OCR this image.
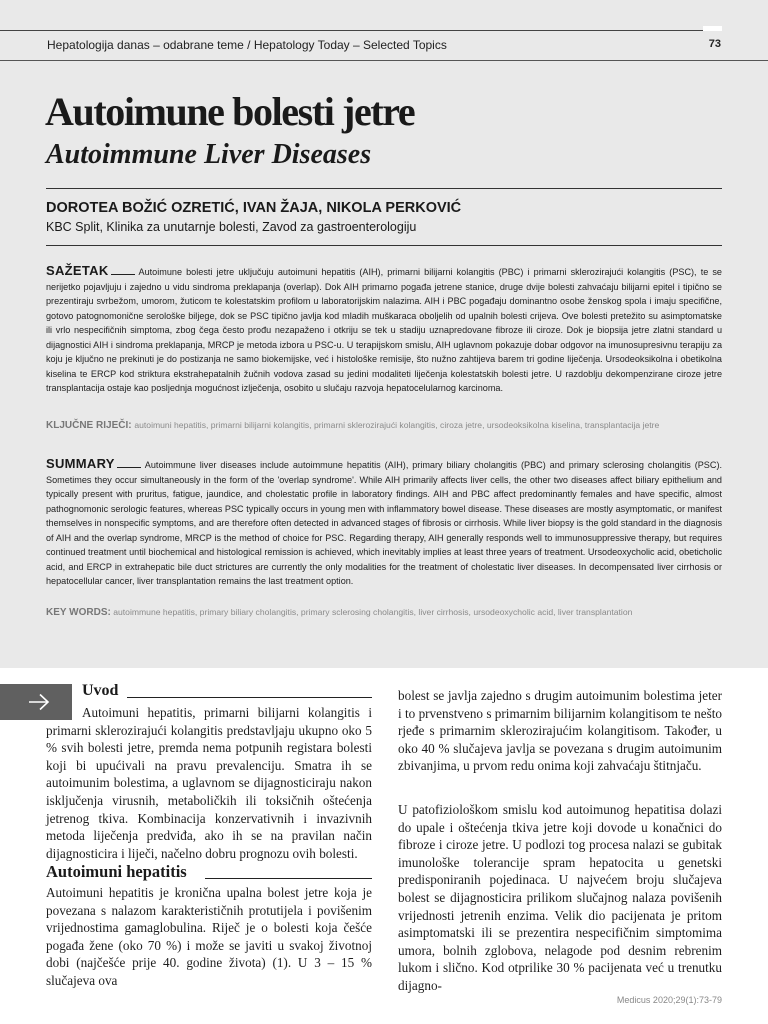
Hepatologija danas – odabrane teme / Hepatology Today – Selected Topics	73
Autoimune bolesti jetre
Autoimmune Liver Diseases
DOROTEA BOŽIĆ OZRETIĆ, IVAN ŽAJA, NIKOLA PERKOVIĆ
KBC Split, Klinika za unutarnje bolesti, Zavod za gastroenterologiju

SAŽETAK	Autoimune bolesti jetre uključuju autoimuni hepatitis (AIH), primarni bilijarni kolangitis (PBC) i primarni sklerozirajući kolangitis (PSC), te se nerijetko pojavljuju i zajedno u vidu sindroma preklapanja (overlap). Dok AIH primarno pogađa jetrene stanice, druge dvije bolesti zahvaćaju bilijarni epitel i tipično se prezentiraju svrbežom, umorom, žuticom te kolestatskim profilom u laboratorijskim nalazima. AIH i PBC pogađaju dominantno osobe ženskog spola i imaju specifične, gotovo patognomonične serološke biljege, dok se PSC tipično javlja kod mladih muškaraca oboljelih od upalnih bolesti crijeva. Ove bolesti pretežito su asimptomatske ili vrlo nespecifičnih simptoma, zbog čega često prođu nezapaženo i otkriju se tek u stadiju uznapredovane fibroze ili ciroze. Dok je biopsija jetre zlatni standard u dijagnostici AIH i sindroma preklapanja, MRCP je metoda izbora u PSC-u. U terapijskom smislu, AIH uglavnom pokazuje dobar odgovor na imunosupresivnu terapiju za koju je ključno ne prekinuti je do postizanja ne samo biokemijske, već i histološke remisije, što nužno zahtijeva barem tri godine liječenja. Ursodeoksikolna i obetikolna kiselina te ERCP kod striktura ekstrahepatalnih žučnih vodova zasad su jedini modaliteti liječenja kolestatskih bolesti jetre. U razdoblju dekompenzirane ciroze jetre transplantacija ostaje kao posljednja mogućnost izlječenja, osobito u slučaju razvoja hepatocelularnog karcinoma.

KLJUČNE RIJEČI: autoimuni hepatitis, primarni bilijarni kolangitis, primarni sklerozirajući kolangitis, ciroza jetre, ursodeoksikolna kiselina, transplantacija jetre

SUMMARY	Autoimmune liver diseases include autoimmune hepatitis (AIH), primary biliary cholangitis (PBC) and primary sclerosing cholangitis (PSC). Sometimes they occur simultaneously in the form of the 'overlap syndrome'. While AIH primarily affects liver cells, the other two diseases affect biliary epithelium and typically present with pruritus, fatigue, jaundice, and cholestatic profile in laboratory findings. AIH and PBC affect predominantly females and have specific, almost pathognomonic serologic features, whereas PSC typically occurs in young men with inflammatory bowel disease. These diseases are mostly asymptomatic, or manifest themselves in nonspecific symptoms, and are therefore often detected in advanced stages of fibrosis or cirrhosis. While liver biopsy is the gold standard in the diagnosis of AIH and the overlap syndrome, MRCP is the method of choice for PSC. Regarding therapy, AIH generally responds well to immunosuppressive therapy, but requires continued treatment until biochemical and histological remission is achieved, which inevitably implies at least three years of treatment. Ursodeoxycholic acid, obeticholic acid, and ERCP in extrahepatic bile duct strictures are currently the only modalities for the treatment of cholestatic liver diseases. In decompensated liver cirrhosis or hepatocellular cancer, liver transplantation remains the last treatment option.

KEY WORDS: autoimmune hepatitis, primary biliary cholangitis, primary sclerosing cholangitis, liver cirrhosis, ursodeoxycholic acid, liver transplantation

Uvod

Autoimuni hepatitis, primarni bilijarni kolangitis i primarni sklerozirajući kolangitis predstavljaju ukupno oko 5 % svih bolesti jetre, premda nema potpunih registara bolesti koji bi upućivali na pravu prevalenciju. Smatra ih se autoimunim bolestima, a uglavnom se dijagnosticiraju nakon isključenja virusnih, metaboličkih ili toksičnih oštećenja jetrenog tkiva. Kombinacija konzervativnih i invazivnih metoda liječenja predviđa, ako ih se na pravilan način dijagnosticira i liječi, načelno dobru prognozu ovih bolesti.

Autoimuni hepatitis

Autoimuni hepatitis je kronična upalna bolest jetre koja je povezana s nalazom karakterističnih protutijela i povišenim vrijednostima gamaglobulina. Riječ je o bolesti koja češće pogađa žene (oko 70 %) i može se javiti u svakoj životnoj dobi (najčešće prije 40. godine života) (1). U 3 – 15 % slučajeva ova

bolest se javlja zajedno s drugim autoimunim bolestima jeter i to prvenstveno s primarnim bilijarnim kolangitisom te nešto rjeđe s primarnim sklerozirajućim kolangitisom. Također, u oko 40 % slučajeva javlja se povezana s drugim autoimunim zbivanjima, u prvom redu onima koji zahvaćaju štitnjaču.

U patofiziološkom smislu kod autoimunog hepatitisa dolazi do upale i oštećenja tkiva jetre koji dovode u konačnici do fibroze i ciroze jetre. U podlozi tog procesa nalazi se gubitak imunološke tolerancije spram hepatocita u genetski predisponiranih pojedinaca. U najvećem broju slučajeva bolest se dijagnosticira prilikom slučajnog nalaza povišenih vrijednosti jetrenih enzima. Velik dio pacijenata je pritom asimptomatski ili se prezentira nespecifičnim simptomima umora, bolnih zglobova, nelagode pod desnim rebrenim lukom i slično. Kod otprilike 30 % pacijenata već u trenutku dijagno-

Medicus 2020;29(1):73-79
